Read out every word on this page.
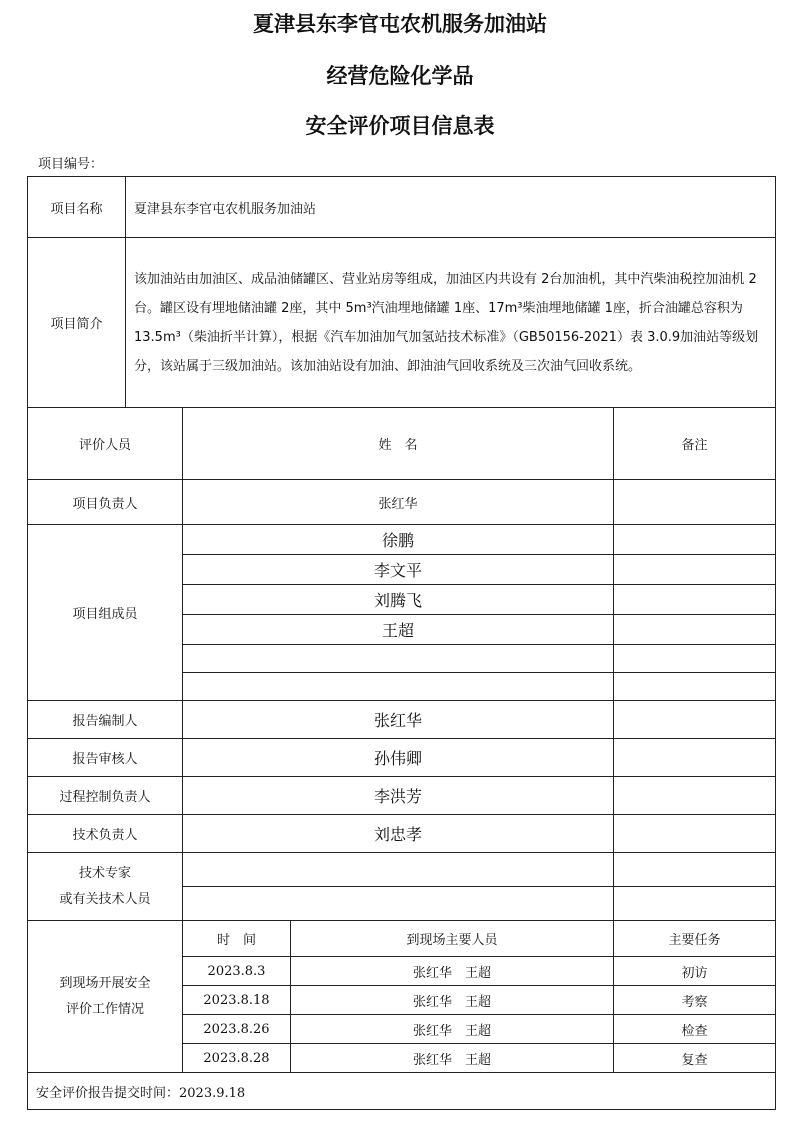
夏津县东李官屯农机服务加油站
经营危险化学品
安全评价项目信息表
项目编号：
项目名称	夏津县东李官屯农机服务加油站			
项目简介	该加油站由加油区、成品油储罐区、营业站房等组成，加油区内共设有 2台加油机，其中汽柴油税控加油机 2台。罐区设有埋地储油罐 2座，其中 5m³汽油埋地储罐 1座、17m³柴油埋地储罐 1座，折合油罐总容积为 13.5m³（柴油折半计算），根据《汽车加油加气加氢站技术标准》（GB50156-2021）表 3.0.9加油站等级划分，该站属于三级加油站。该加油站设有加油、卸油油气回收系统及三次油气回收系统。			
评价人员		姓　名		备注
项目负责人		张红华		
项目组成员		徐鹏		
		李文平		
		刘腾飞		
		王超		

报告编制人		张红华		
报告审核人		孙伟卿		
过程控制负责人		李洪芳		
技术负责人		刘忠孝		

技术专家
或有关技术人员				

到现场开展安全
评价工作情况		时　间	到现场主要人员	主要任务
		2023.8.3	张红华　王超	初访
		2023.8.18	张红华　王超	考察
		2023.8.26	张红华　王超	检查
		2023.8.28	张红华　王超	复查
安全评价报告提交时间：2023.9.18				
